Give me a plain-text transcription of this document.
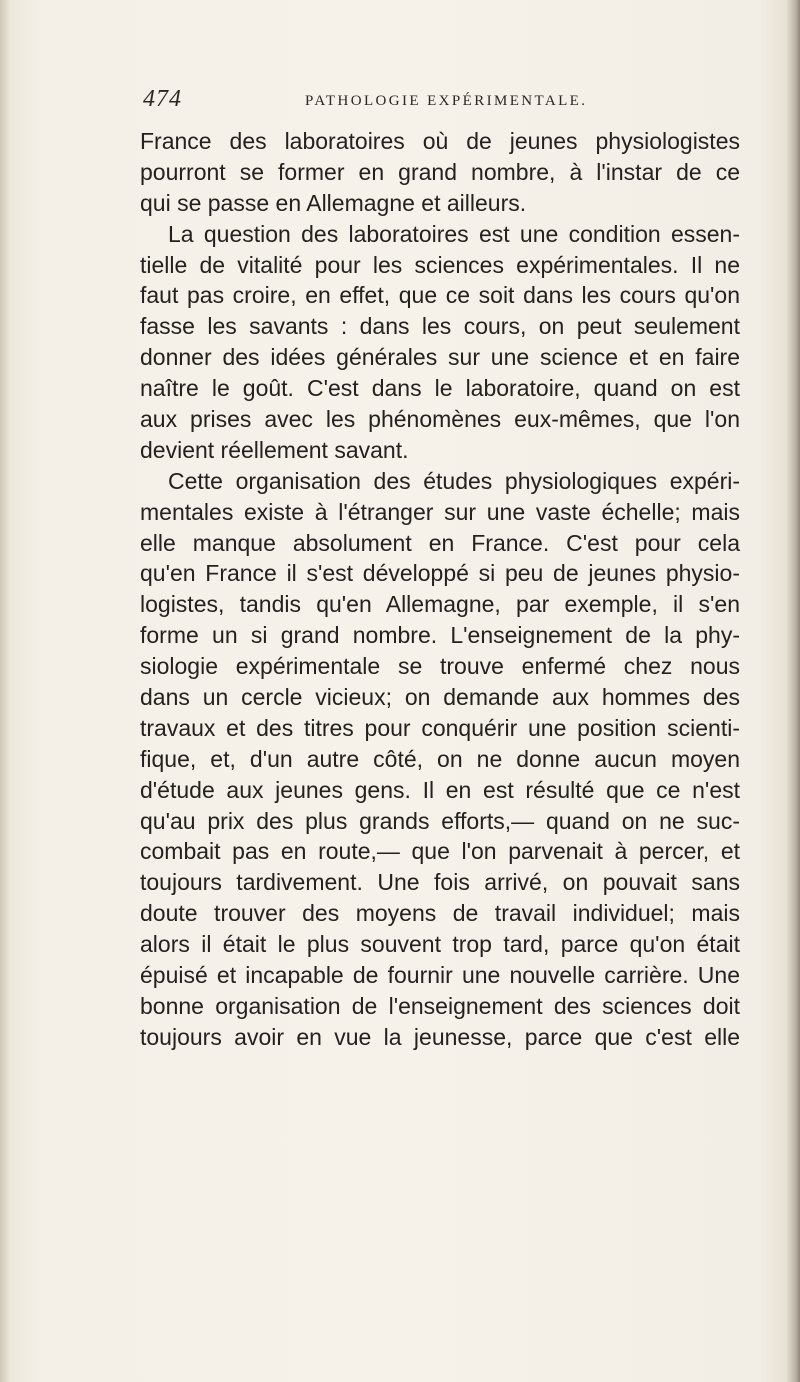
474	PATHOLOGIE EXPÉRIMENTALE.
France des laboratoires où de jeunes physiologistes
pourront se former en grand nombre, à l'instar de ce
qui se passe en Allemagne et ailleurs.
La question des laboratoires est une condition essen-
tielle de vitalité pour les sciences expérimentales. Il ne
faut pas croire, en effet, que ce soit dans les cours qu'on
fasse les savants : dans les cours, on peut seulement
donner des idées générales sur une science et en faire
naître le goût. C'est dans le laboratoire, quand on est
aux prises avec les phénomènes eux-mêmes, que l'on
devient réellement savant.
Cette organisation des études physiologiques expéri-
mentales existe à l'étranger sur une vaste échelle; mais
elle manque absolument en France. C'est pour cela
qu'en France il s'est développé si peu de jeunes physio-
logistes, tandis qu'en Allemagne, par exemple, il s'en
forme un si grand nombre. L'enseignement de la phy-
siologie expérimentale se trouve enfermé chez nous
dans un cercle vicieux; on demande aux hommes des
travaux et des titres pour conquérir une position scienti-
fique, et, d'un autre côté, on ne donne aucun moyen
d'étude aux jeunes gens. Il en est résulté que ce n'est
qu'au prix des plus grands efforts,— quand on ne suc-
combait pas en route,— que l'on parvenait à percer, et
toujours tardivement. Une fois arrivé, on pouvait sans
doute trouver des moyens de travail individuel; mais
alors il était le plus souvent trop tard, parce qu'on était
épuisé et incapable de fournir une nouvelle carrière. Une
bonne organisation de l'enseignement des sciences doit
toujours avoir en vue la jeunesse, parce que c'est elle
